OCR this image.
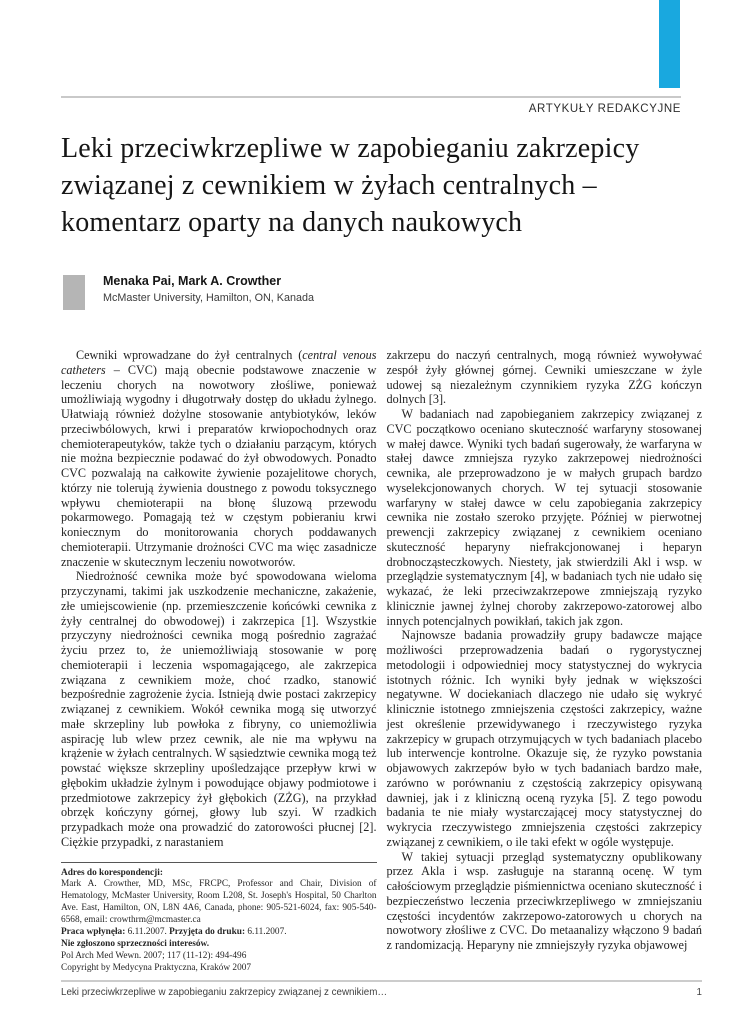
ARTYKUŁY REDAKCYJNE
Leki przeciwkrzepliwe w zapobieganiu zakrzepicy związanej z cewnikiem w żyłach centralnych – komentarz oparty na danych naukowych
Menaka Pai, Mark A. Crowther
McMaster University, Hamilton, ON, Kanada

Cewniki wprowadzane do żył centralnych (central venous catheters – CVC) mają obecnie podstawowe znaczenie w leczeniu chorych na nowotwory złośliwe, ponieważ umożliwiają wygodny i długotrwały dostęp do układu żylnego. Ułatwiają również dożylne stosowanie antybiotyków, leków przeciwbólowych, krwi i preparatów krwiopochodnych oraz chemioterapeutyków, także tych o działaniu parzącym, których nie można bezpiecznie podawać do żył obwodowych. Ponadto CVC pozwalają na całkowite żywienie pozajelitowe chorych, którzy nie tolerują żywienia doustnego z powodu toksycznego wpływu chemioterapii na błonę śluzową przewodu pokarmowego. Pomagają też w częstym pobieraniu krwi koniecznym do monitorowania chorych poddawanych chemioterapii. Utrzymanie drożności CVC ma więc zasadnicze znaczenie w skutecznym leczeniu nowotworów.

Niedrożność cewnika może być spowodowana wieloma przyczynami, takimi jak uszkodzenie mechaniczne, zakażenie, złe umiejscowienie (np. przemieszczenie końcówki cewnika z żyły centralnej do obwodowej) i zakrzepica [1]. Wszystkie przyczyny niedrożności cewnika mogą pośrednio zagrażać życiu przez to, że uniemożliwiają stosowanie w porę chemioterapii i leczenia wspomagającego, ale zakrzepica związana z cewnikiem może, choć rzadko, stanowić bezpośrednie zagrożenie życia. Istnieją dwie postaci zakrzepicy związanej z cewnikiem. Wokół cewnika mogą się utworzyć małe skrzepliny lub powłoka z fibryny, co uniemożliwia aspirację lub wlew przez cewnik, ale nie ma wpływu na krążenie w żyłach centralnych. W sąsiedztwie cewnika mogą też powstać większe skrzepliny upośledzające przepływ krwi w głębokim układzie żylnym i powodujące objawy podmiotowe i przedmiotowe zakrzepicy żył głębokich (ZŻG), na przykład obrzęk kończyny górnej, głowy lub szyi. W rzadkich przypadkach może ona prowadzić do zatorowości płucnej [2]. Ciężkie przypadki, z narastaniem

Adres do korespondencji:
Mark A. Crowther, MD, MSc, FRCPC, Professor and Chair, Division of Hematology, McMaster University, Room L208, St. Joseph's Hospital, 50 Charlton Ave. East, Hamilton, ON, L8N 4A6, Canada, phone: 905-521-6024, fax: 905-540-6568, email: crowthrm@mcmaster.ca
Praca wpłynęła: 6.11.2007. Przyjęta do druku: 6.11.2007.
Nie zgłoszono sprzeczności interesów.
Pol Arch Med Wewn. 2007; 117 (11-12): 494-496
Copyright by Medycyna Praktyczna, Kraków 2007

zakrzepu do naczyń centralnych, mogą również wywoływać zespół żyły głównej górnej. Cewniki umieszczane w żyle udowej są niezależnym czynnikiem ryzyka ZŻG kończyn dolnych [3].

W badaniach nad zapobieganiem zakrzepicy związanej z CVC początkowo oceniano skuteczność warfaryny stosowanej w małej dawce. Wyniki tych badań sugerowały, że warfaryna w stałej dawce zmniejsza ryzyko zakrzepowej niedrożności cewnika, ale przeprowadzono je w małych grupach bardzo wyselekcjonowanych chorych. W tej sytuacji stosowanie warfaryny w stałej dawce w celu zapobiegania zakrzepicy cewnika nie zostało szeroko przyjęte. Później w pierwotnej prewencji zakrzepicy związanej z cewnikiem oceniano skuteczność heparyny niefrakcjonowanej i heparyn drobnocząsteczkowych. Niestety, jak stwierdzili Akl i wsp. w przeglądzie systematycznym [4], w badaniach tych nie udało się wykazać, że leki przeciwzakrzepowe zmniejszają ryzyko klinicznie jawnej żylnej choroby zakrzepowo-zatorowej albo innych potencjalnych powikłań, takich jak zgon.

Najnowsze badania prowadziły grupy badawcze mające możliwości przeprowadzenia badań o rygorystycznej metodologii i odpowiedniej mocy statystycznej do wykrycia istotnych różnic. Ich wyniki były jednak w większości negatywne. W dociekaniach dlaczego nie udało się wykryć klinicznie istotnego zmniejszenia częstości zakrzepicy, ważne jest określenie przewidywanego i rzeczywistego ryzyka zakrzepicy w grupach otrzymujących w tych badaniach placebo lub interwencje kontrolne. Okazuje się, że ryzyko powstania objawowych zakrzepów było w tych badaniach bardzo małe, zarówno w porównaniu z częstością zakrzepicy opisywaną dawniej, jak i z kliniczną oceną ryzyka [5]. Z tego powodu badania te nie miały wystarczającej mocy statystycznej do wykrycia rzeczywistego zmniejszenia częstości zakrzepicy związanej z cewnikiem, o ile taki efekt w ogóle występuje.

W takiej sytuacji przegląd systematyczny opublikowany przez Akla i wsp. zasługuje na staranną ocenę. W tym całościowym przeglądzie piśmiennictwa oceniano skuteczność i bezpieczeństwo leczenia przeciwkrzepliwego w zmniejszaniu częstości incydentów zakrzepowo-zatorowych u chorych na nowotwory złośliwe z CVC. Do metaanalizy włączono 9 badań z randomizacją. Heparyny nie zmniejszyły ryzyka objawowej

Leki przeciwkrzepliwe w zapobieganiu zakrzepicy związanej z cewnikiem…	1
